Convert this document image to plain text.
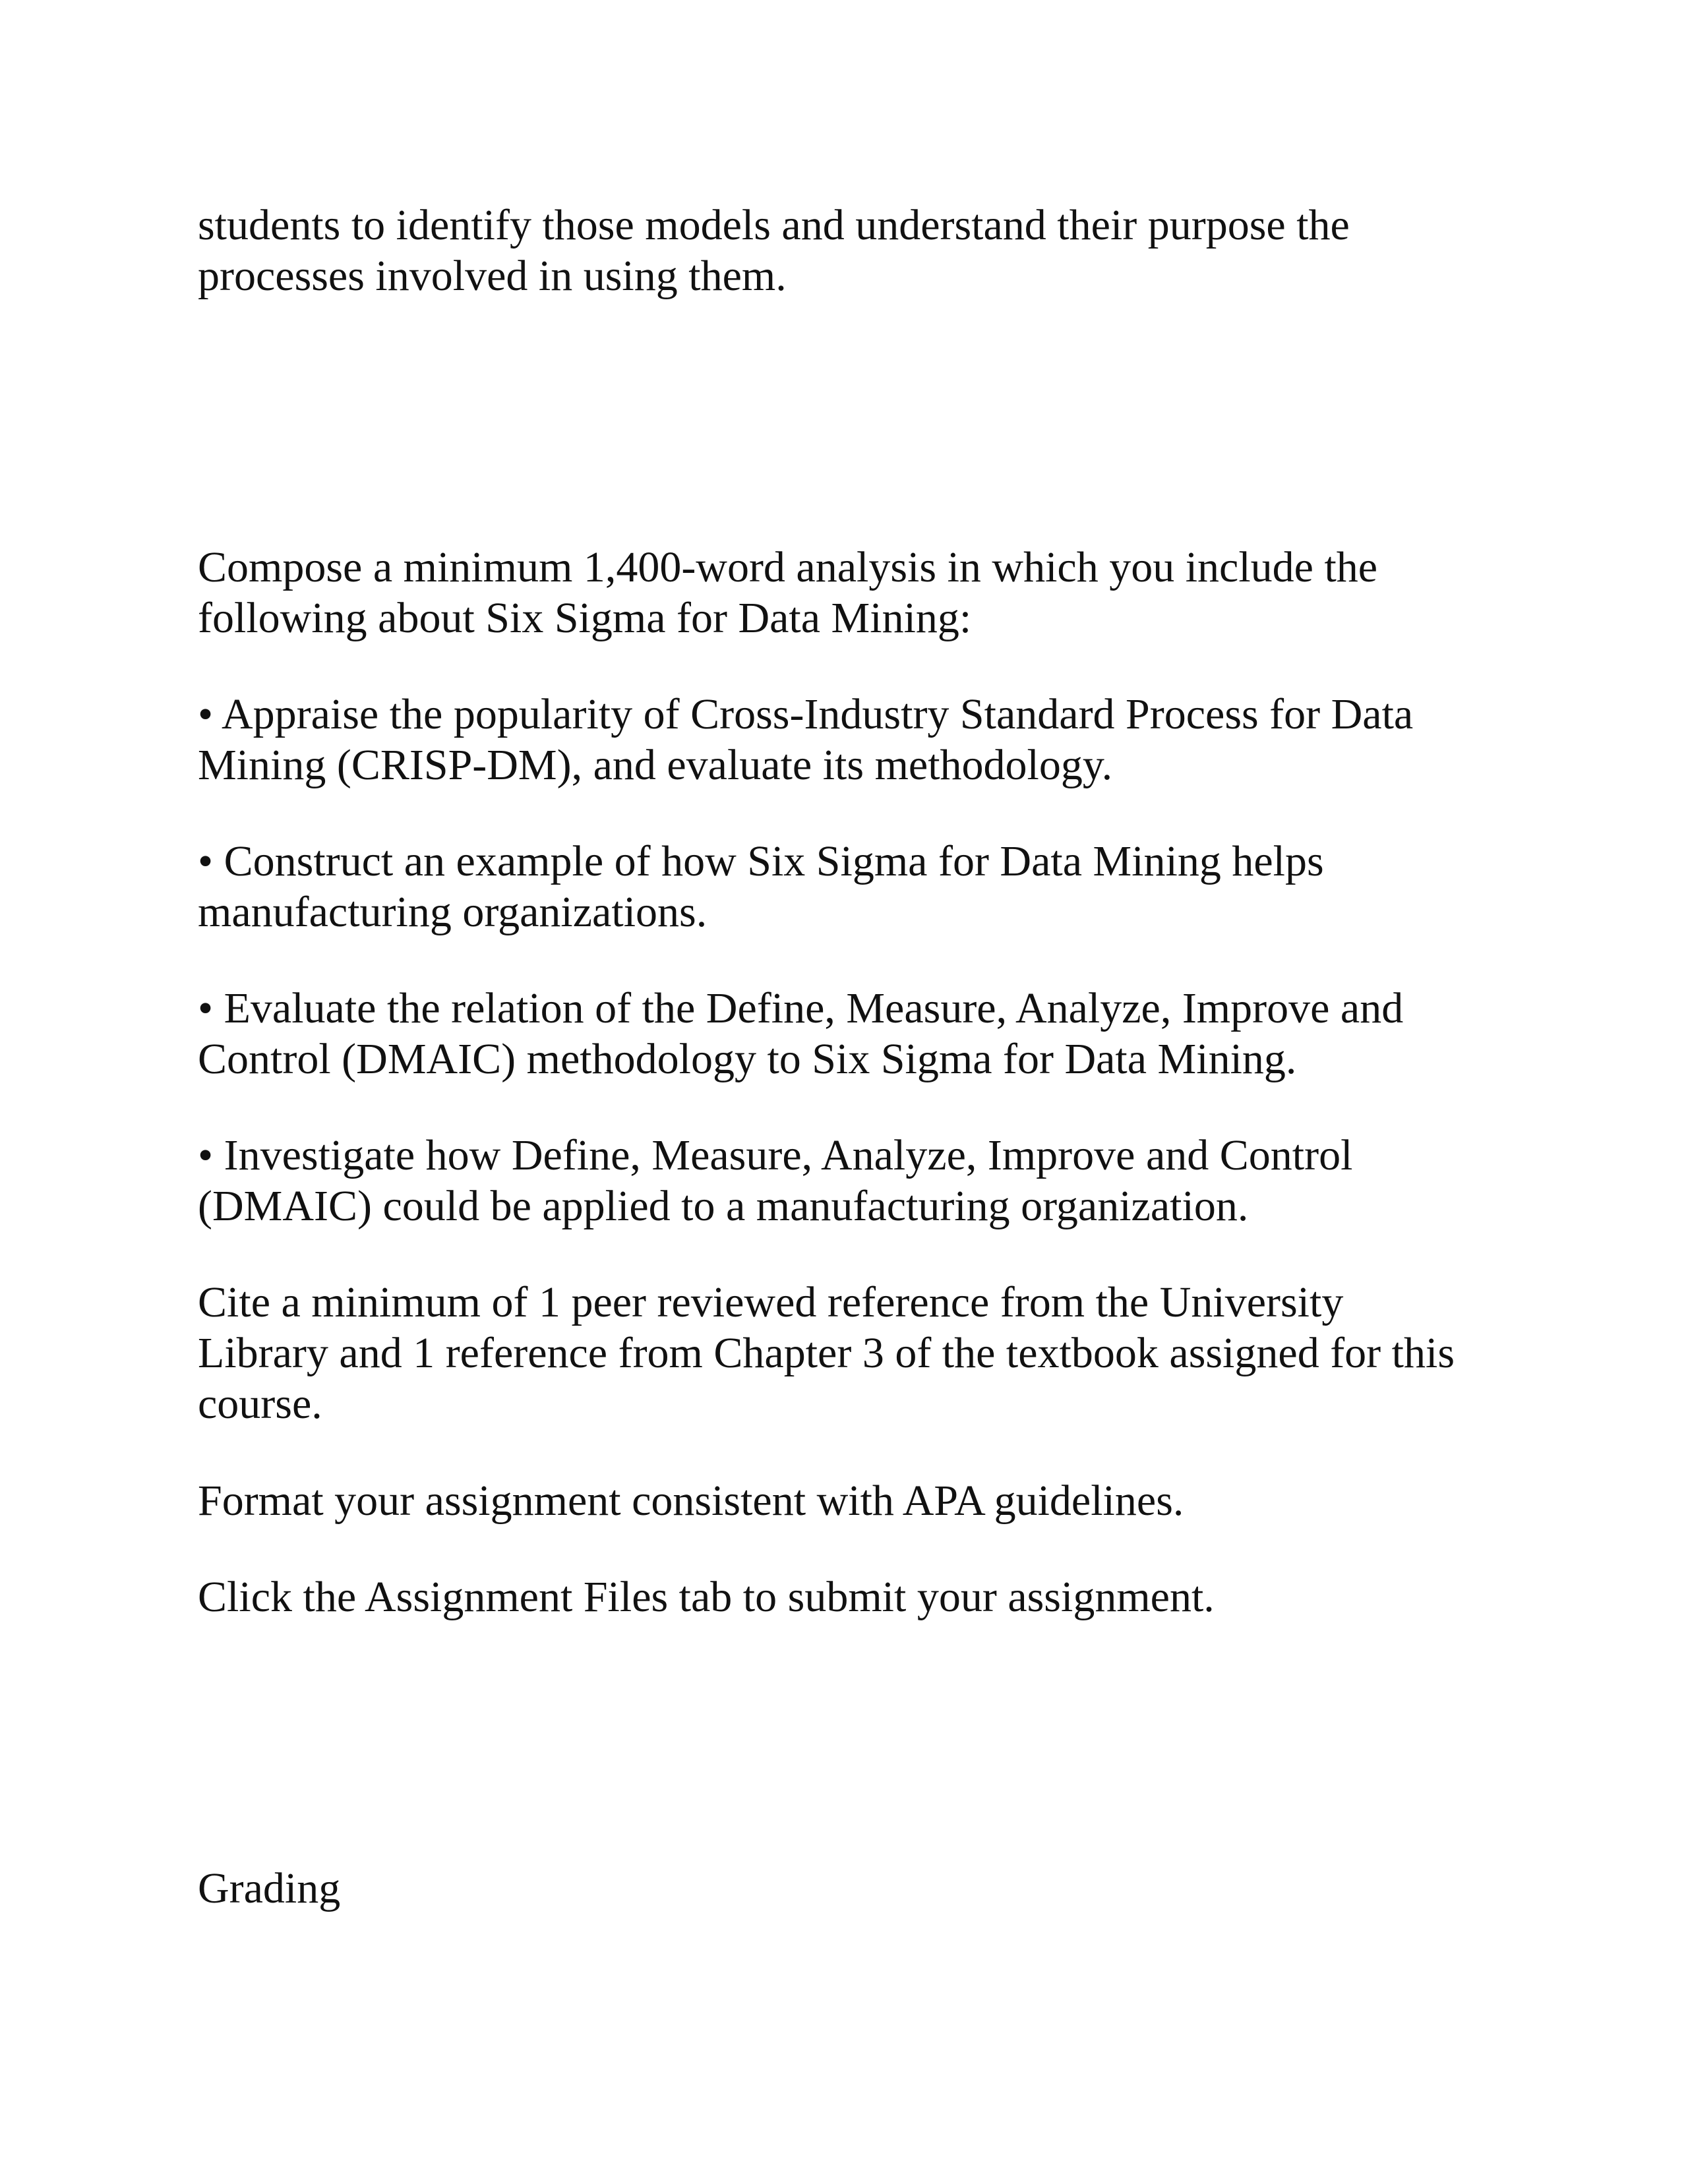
students to identify those models and understand their purpose the
processes involved in using them.

Compose a minimum 1,400-word analysis in which you include the
following about Six Sigma for Data Mining:

• Appraise the popularity of Cross-Industry Standard Process for Data
Mining (CRISP-DM), and evaluate its methodology.

• Construct an example of how Six Sigma for Data Mining helps
manufacturing organizations.

• Evaluate the relation of the Define, Measure, Analyze, Improve and
Control (DMAIC) methodology to Six Sigma for Data Mining.

• Investigate how Define, Measure, Analyze, Improve and Control
(DMAIC) could be applied to a manufacturing organization.

Cite a minimum of 1 peer reviewed reference from the University
Library and 1 reference from Chapter 3 of the textbook assigned for this
course.

Format your assignment consistent with APA guidelines.

Click the Assignment Files tab to submit your assignment.

Grading
